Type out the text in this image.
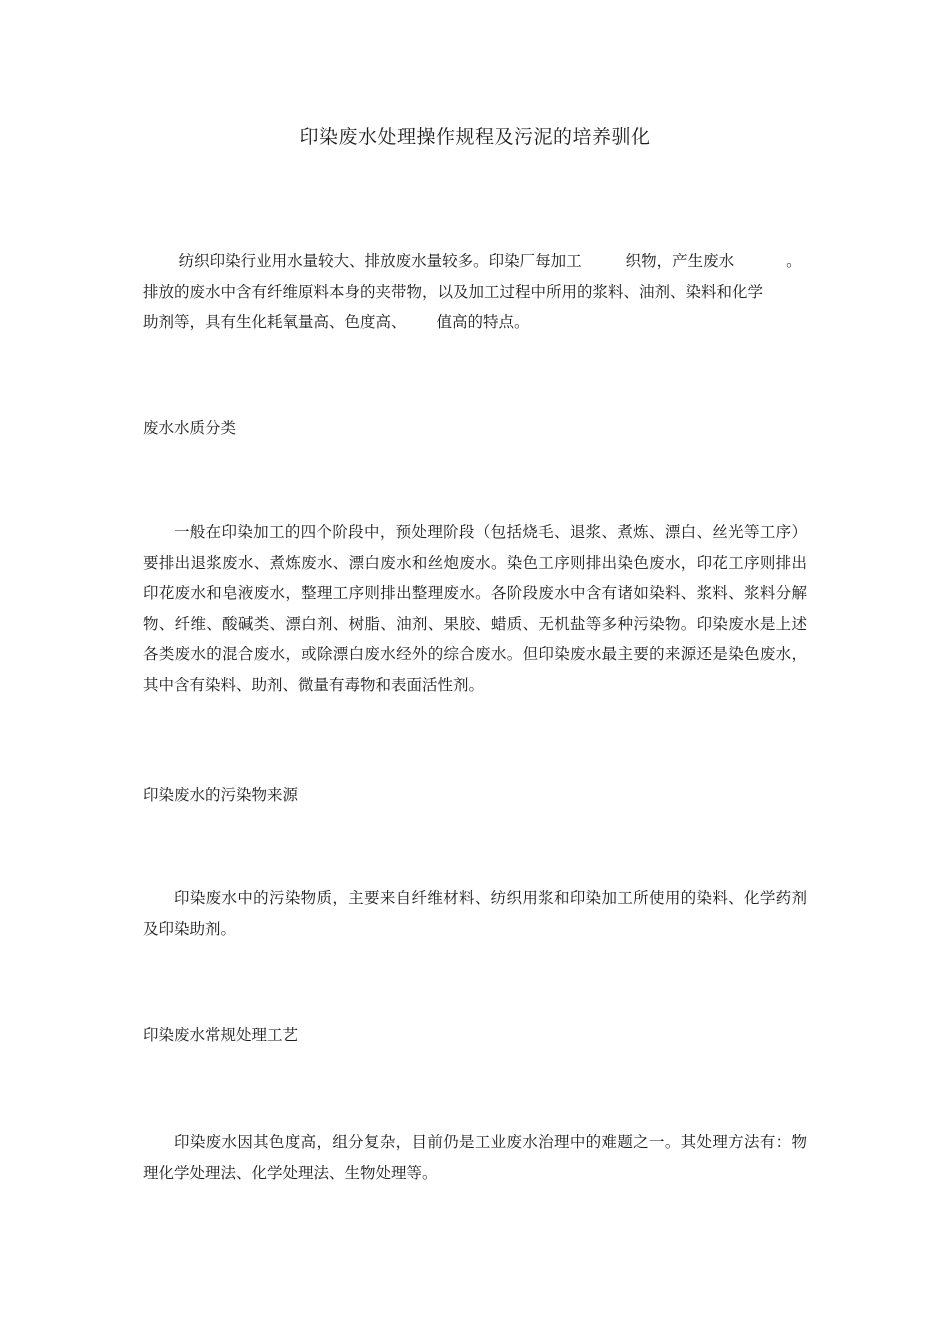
印染废水处理操作规程及污泥的培养驯化
纺织印染行业用水量较大、排放废水量较多。印染厂每加工	织物，产生废水	。
排放的废水中含有纤维原料本身的夹带物，以及加工过程中所用的浆料、油剂、染料和化学
助剂等，具有生化耗氧量高、色度高、 值高的特点。
废水水质分类
一般在印染加工的四个阶段中，预处理阶段（包括烧毛、退浆、煮炼、漂白、丝光等工序）要排出退浆废水、煮炼废水、漂白废水和丝炮废水。染色工序则排出染色废水，印花工序则排出印花废水和皂液废水，整理工序则排出整理废水。各阶段废水中含有诸如染料、浆料、浆料分解物、纤维、酸碱类、漂白剂、树脂、油剂、果胶、蜡质、无机盐等多种污染物。印染废水是上述各类废水的混合废水，或除漂白废水经外的综合废水。但印染废水最主要的来源还是染色废水，其中含有染料、助剂、微量有毒物和表面活性剂。
印染废水的污染物来源
印染废水中的污染物质，主要来自纤维材料、纺织用浆和印染加工所使用的染料、化学药剂及印染助剂。
印染废水常规处理工艺
印染废水因其色度高，组分复杂，目前仍是工业废水治理中的难题之一。其处理方法有：物理化学处理法、化学处理法、生物处理等。
